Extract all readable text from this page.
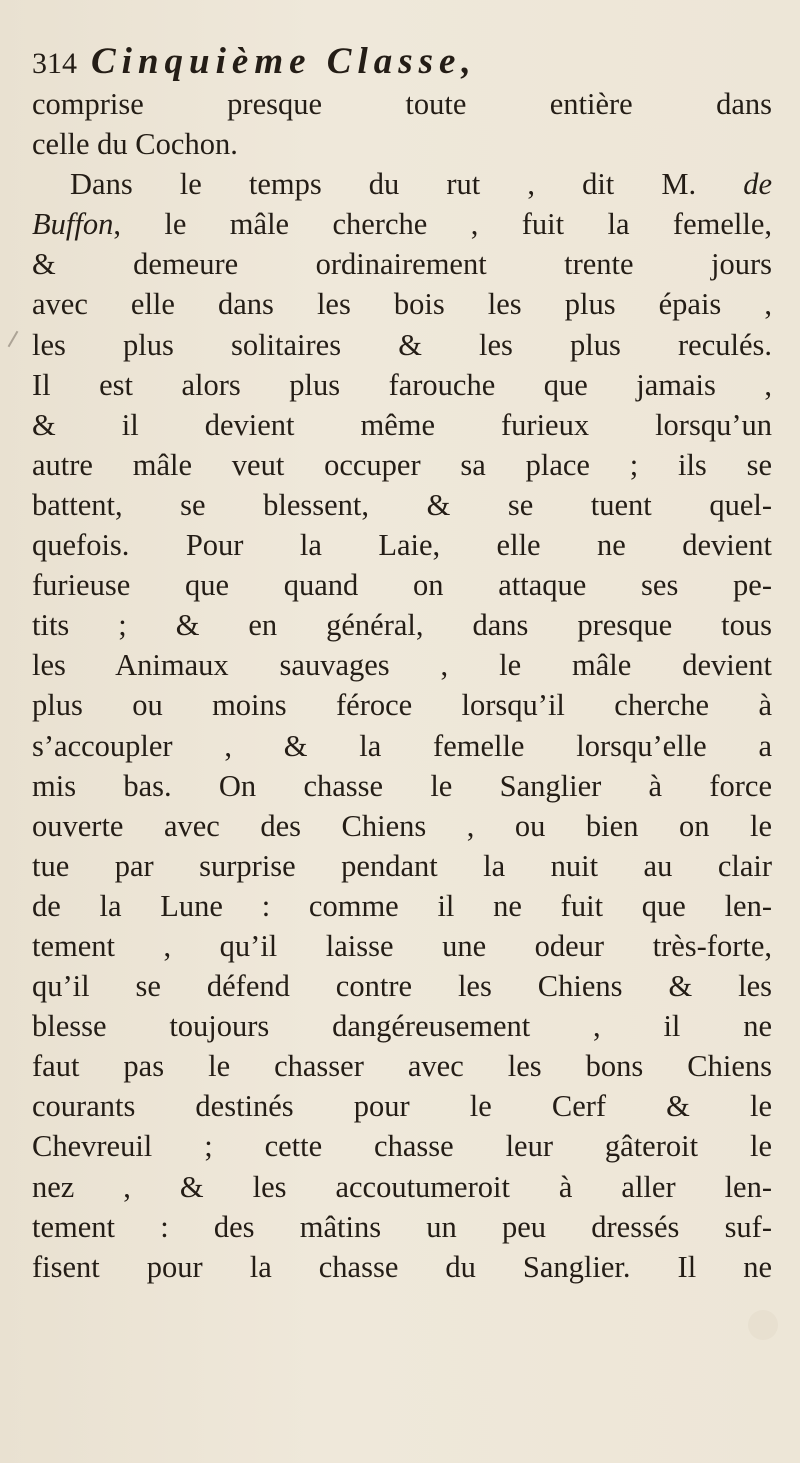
314 Cinquième Classe,
comprise presque toute entière dans
celle du Cochon.
Dans le temps du rut , dit M. de
Buffon, le mâle cherche , fuit la femelle,
& demeure ordinairement trente jours
avec elle dans les bois les plus épais ,
les plus solitaires & les plus reculés.
Il est alors plus farouche que jamais ,
& il devient même furieux lorsqu’un
autre mâle veut occuper sa place ; ils se
battent, se blessent, & se tuent quel-
quefois. Pour la Laie, elle ne devient
furieuse que quand on attaque ses pe-
tits ; & en général, dans presque tous
les Animaux sauvages , le mâle devient
plus ou moins féroce lorsqu’il cherche à
s’accoupler , & la femelle lorsqu’elle a
mis bas. On chasse le Sanglier à force
ouverte avec des Chiens , ou bien on le
tue par surprise pendant la nuit au clair
de la Lune : comme il ne fuit que len-
tement , qu’il laisse une odeur très-forte,
qu’il se défend contre les Chiens & les
blesse toujours dangéreusement , il ne
faut pas le chasser avec les bons Chiens
courants destinés pour le Cerf & le
Chevreuil ; cette chasse leur gâteroit le
nez , & les accoutumeroit à aller len-
tement : des mâtins un peu dressés suf-
fisent pour la chasse du Sanglier. Il ne
